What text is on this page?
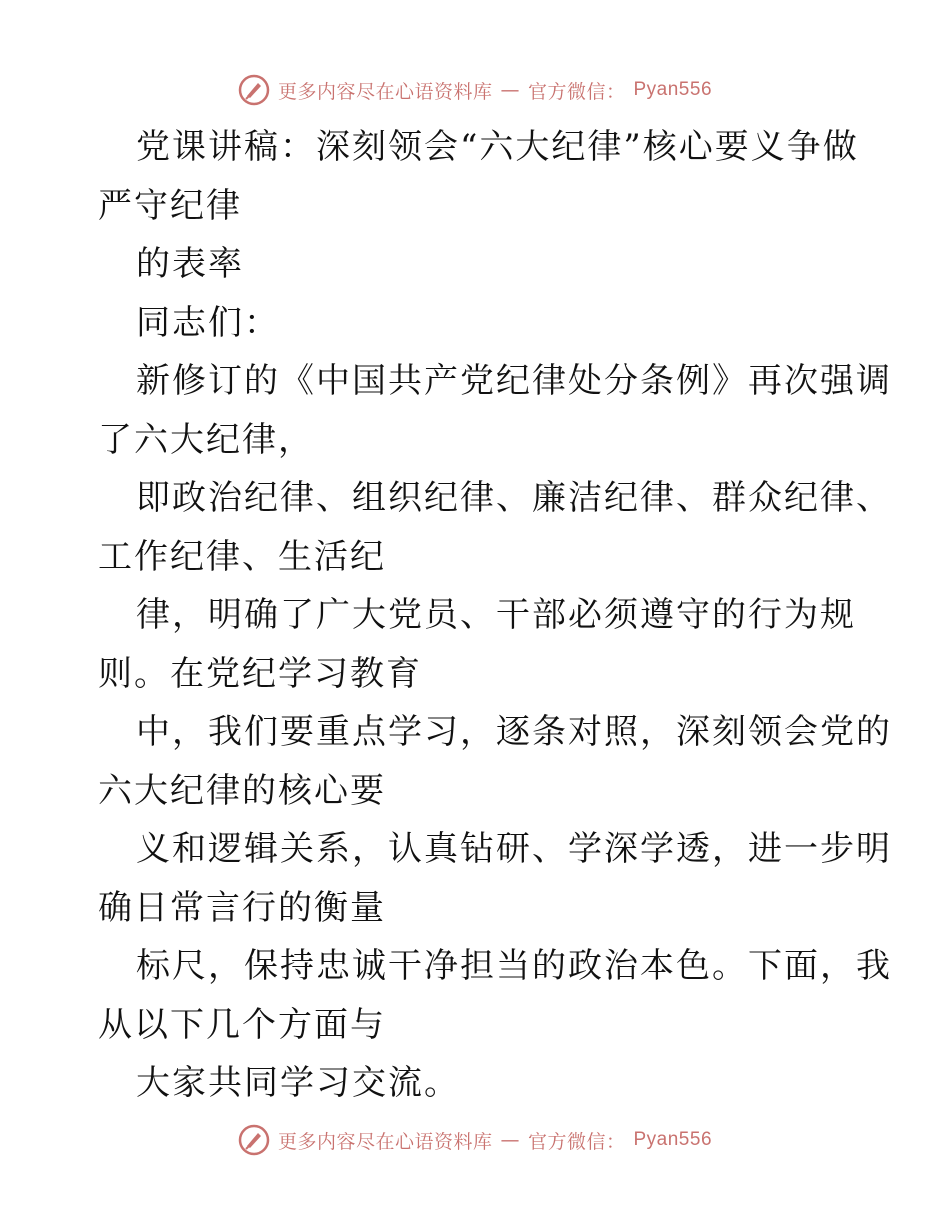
更多内容尽在心语资料库 — 官方微信： Pyan556
党课讲稿：深刻领会“六大纪律”核心要义争做
严守纪律
的表率
同志们：
新修订的《中国共产党纪律处分条例》再次强调
了六大纪律，
即政治纪律、组织纪律、廉洁纪律、群众纪律、
工作纪律、生活纪
律，明确了广大党员、干部必须遵守的行为规
则。在党纪学习教育
中，我们要重点学习，逐条对照，深刻领会党的
六大纪律的核心要
义和逻辑关系，认真钻研、学深学透，进一步明
确日常言行的衡量
标尺，保持忠诚干净担当的政治本色。下面，我
从以下几个方面与
大家共同学习交流。
更多内容尽在心语资料库 — 官方微信： Pyan556
